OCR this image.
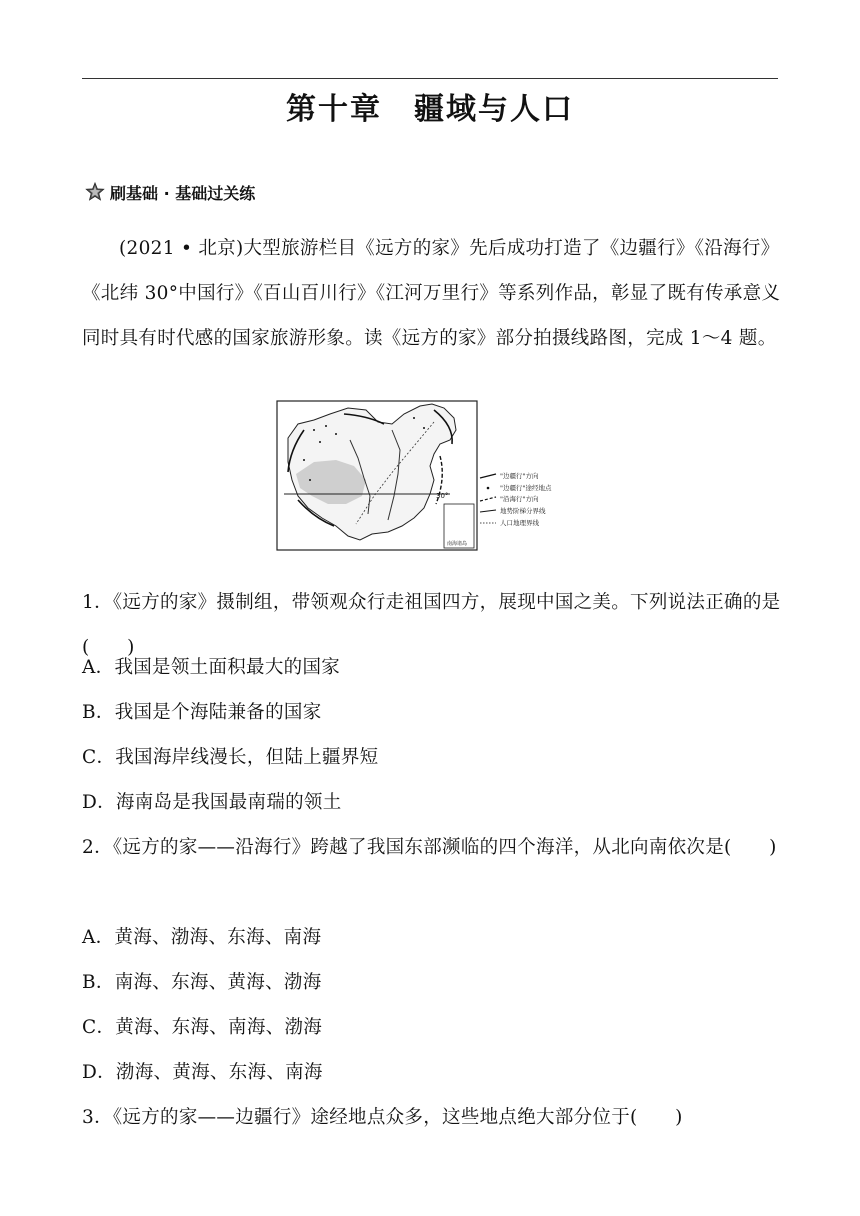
第十章　疆域与人口
刷基础 · 基础过关练
(2021 • 北京)大型旅游栏目《远方的家》先后成功打造了《边疆行》《沿海行》《北纬 30°中国行》《百山百川行》《江河万里行》等系列作品，彰显了既有传承意义同时具有时代感的国家旅游形象。读《远方的家》部分拍摄线路图，完成 1～4 题。
30°
南海诸岛
"边疆行"方向
"边疆行"途经地点
"沿海行"方向
地势阶梯分界线
人口地理界线
1．《远方的家》摄制组，带领观众行走祖国四方，展现中国之美。下列说法正确的是(　　)
A．我国是领土面积最大的国家
B．我国是个海陆兼备的国家
C．我国海岸线漫长，但陆上疆界短
D．海南岛是我国最南瑞的领土
2．《远方的家——沿海行》跨越了我国东部濒临的四个海洋，从北向南依次是(　　)
A．黄海、渤海、东海、南海
B．南海、东海、黄海、渤海
C．黄海、东海、南海、渤海
D．渤海、黄海、东海、南海
3．《远方的家——边疆行》途经地点众多，这些地点绝大部分位于(　　)
